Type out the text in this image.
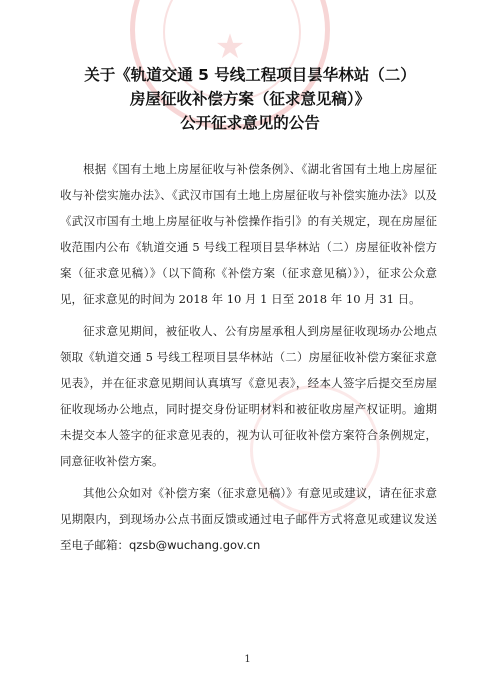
★
关于《轨道交通 5 号线工程项目昙华林站（二）
房屋征收补偿方案（征求意见稿）》
公开征求意见的公告

根据《国有土地上房屋征收与补偿条例》、《湖北省国有土地上房屋征收与补偿实施办法》、《武汉市国有土地上房屋征收与补偿实施办法》以及《武汉市国有土地上房屋征收与补偿操作指引》的有关规定，现在房屋征收范围内公布《轨道交通 5 号线工程项目昙华林站（二）房屋征收补偿方案（征求意见稿）》（以下简称《补偿方案（征求意见稿）》），征求公众意见，征求意见的时间为 2018 年 10 月 1 日至 2018 年 10 月 31 日。

征求意见期间，被征收人、公有房屋承租人到房屋征收现场办公地点领取《轨道交通 5 号线工程项目昙华林站（二）房屋征收补偿方案征求意见表》，并在征求意见期间认真填写《意见表》，经本人签字后提交至房屋征收现场办公地点，同时提交身份证明材料和被征收房屋产权证明。逾期未提交本人签字的征求意见表的，视为认可征收补偿方案符合条例规定，同意征收补偿方案。

其他公众如对《补偿方案（征求意见稿）》有意见或建议，请在征求意见期限内，到现场办公点书面反馈或通过电子邮件方式将意见或建议发送至电子邮箱：qzsb@wuchang.gov.cn

1
